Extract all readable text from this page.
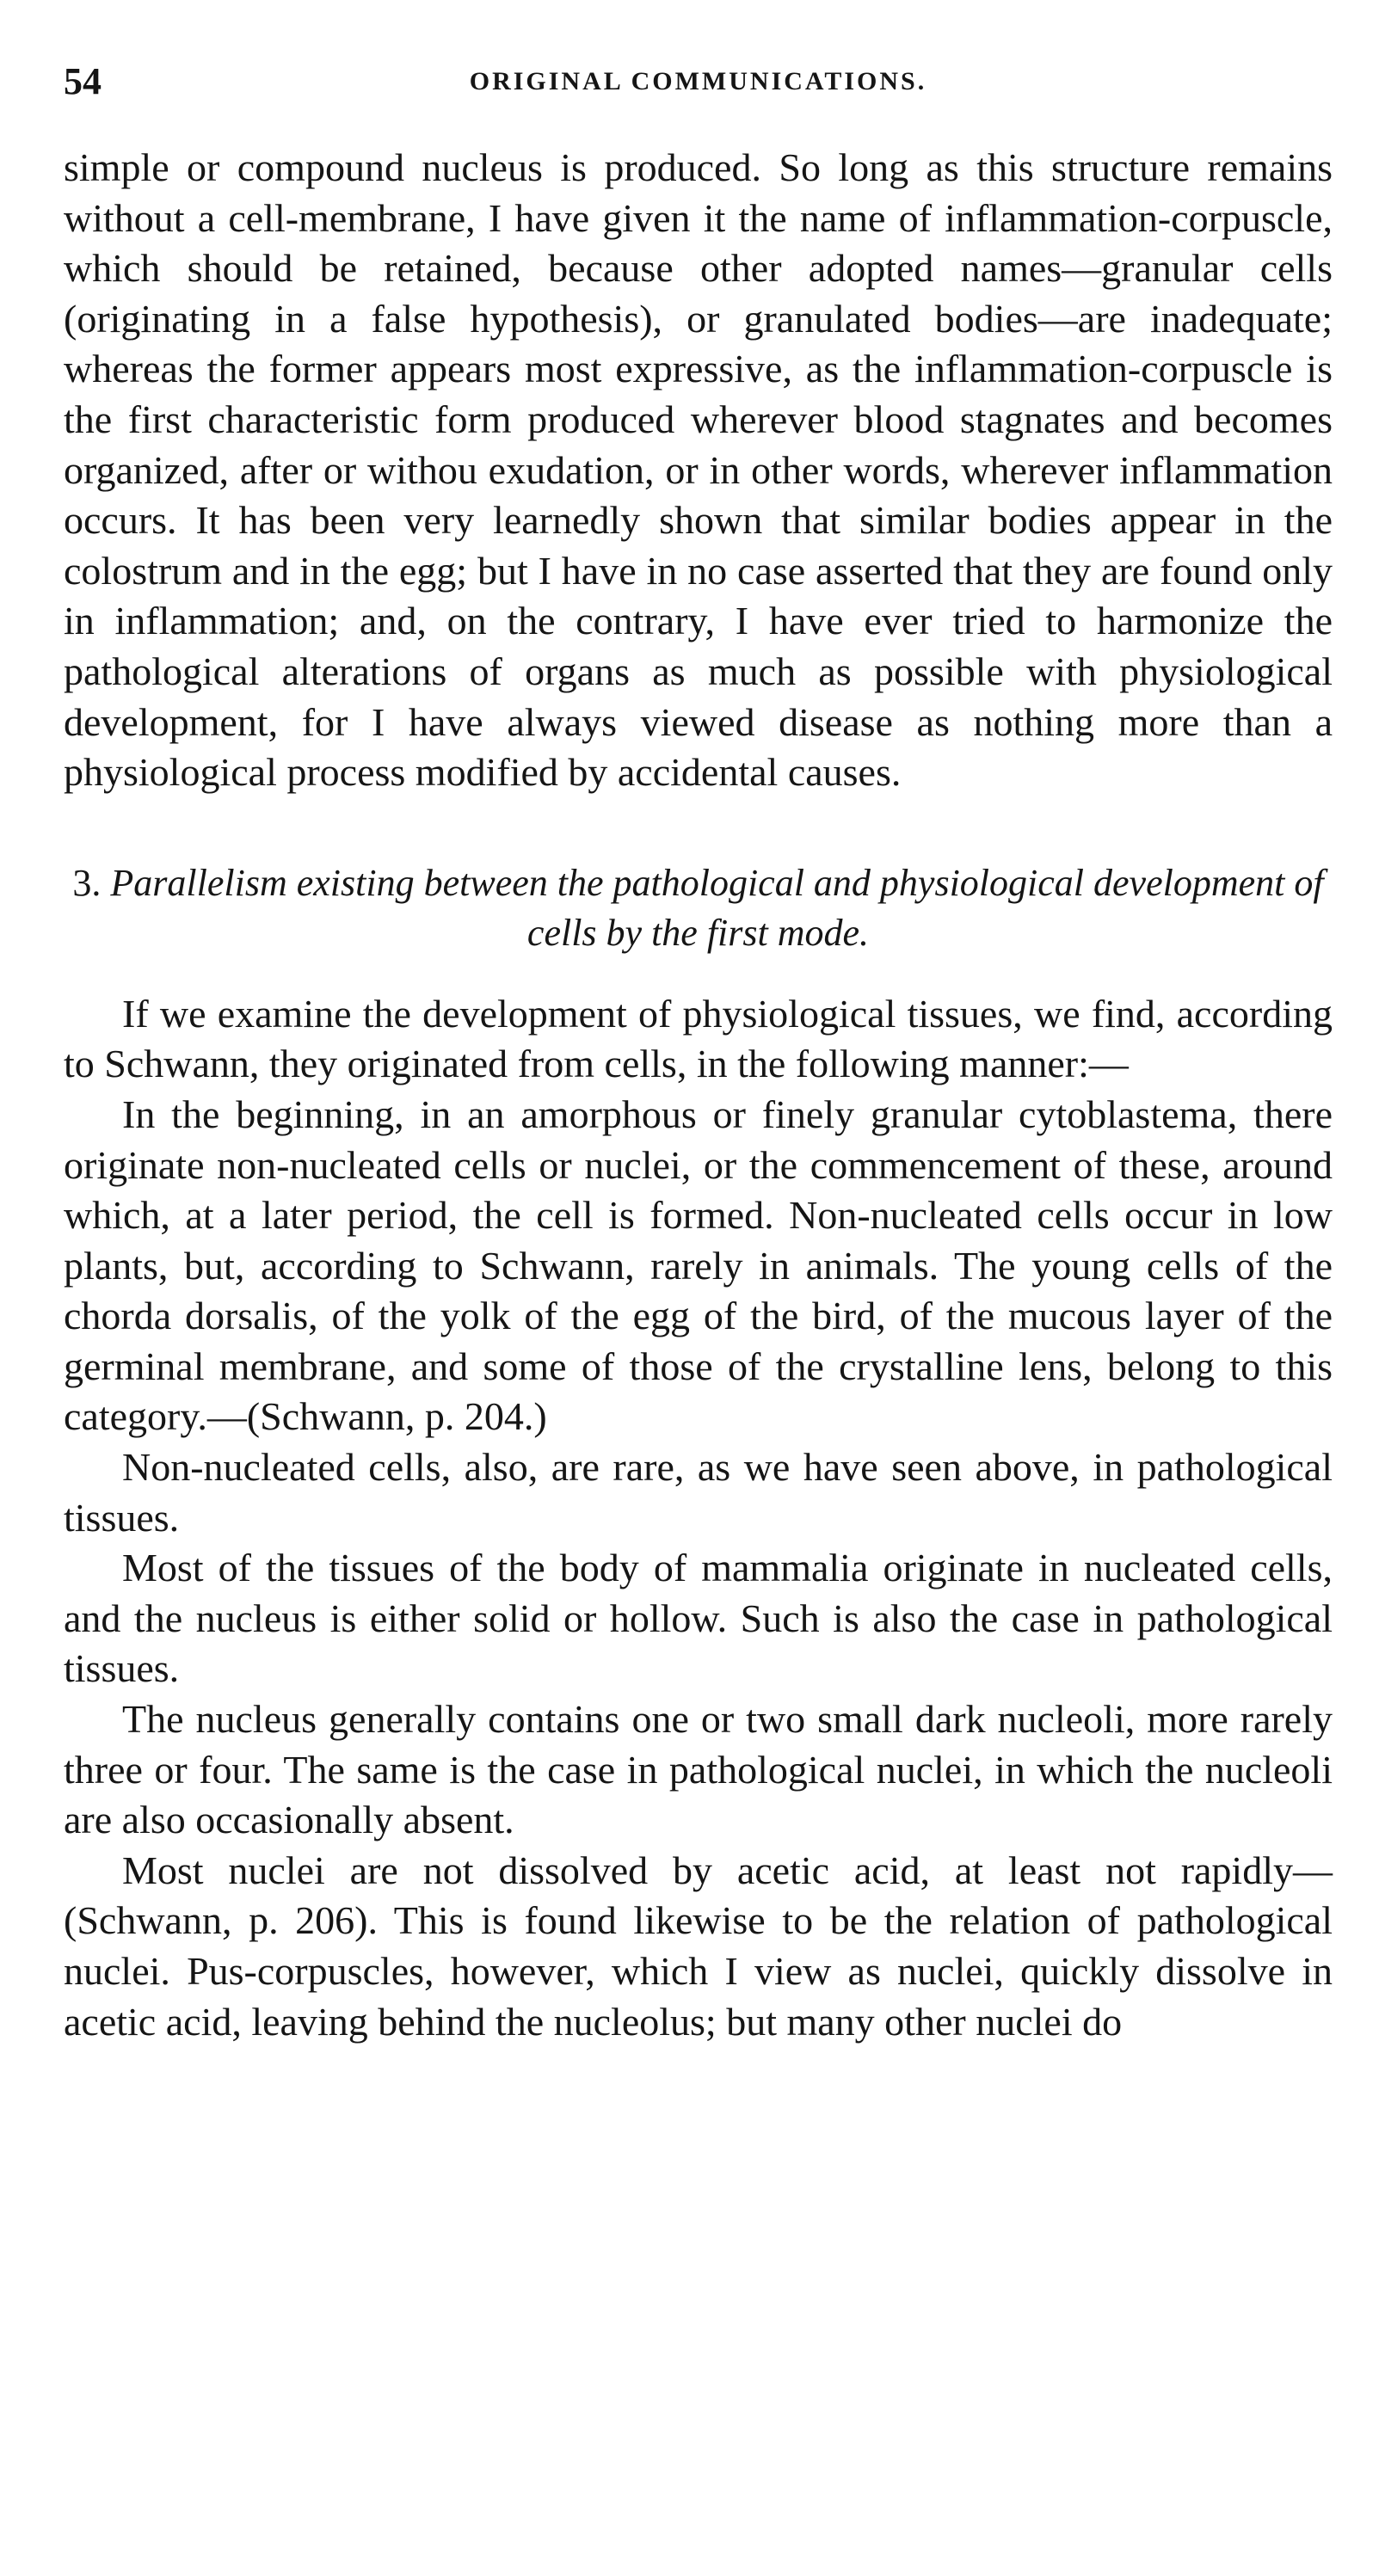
54	ORIGINAL COMMUNICATIONS.

simple or compound nucleus is produced. So long as this structure remains without a cell-membrane, I have given it the name of inflammation-corpuscle, which should be retained, because other adopted names—granular cells (originating in a false hypothesis), or granulated bodies—are inadequate; whereas the former appears most expressive, as the inflammation-corpuscle is the first characteristic form produced wherever blood stagnates and becomes organized, after or withou exudation, or in other words, wherever inflammation occurs. It has been very learnedly shown that similar bodies appear in the colostrum and in the egg; but I have in no case asserted that they are found only in inflammation; and, on the contrary, I have ever tried to harmonize the pathological alterations of organs as much as possible with physiological development, for I have always viewed disease as nothing more than a physiological process modified by accidental causes.

3. Parallelism existing between the pathological and physiological development of cells by the first mode.

If we examine the development of physiological tissues, we find, according to Schwann, they originated from cells, in the following manner:—

In the beginning, in an amorphous or finely granular cytoblastema, there originate non-nucleated cells or nuclei, or the commencement of these, around which, at a later period, the cell is formed. Non-nucleated cells occur in low plants, but, according to Schwann, rarely in animals. The young cells of the chorda dorsalis, of the yolk of the egg of the bird, of the mucous layer of the germinal membrane, and some of those of the crystalline lens, belong to this category.—(Schwann, p. 204.)

Non-nucleated cells, also, are rare, as we have seen above, in pathological tissues.

Most of the tissues of the body of mammalia originate in nucleated cells, and the nucleus is either solid or hollow. Such is also the case in pathological tissues.

The nucleus generally contains one or two small dark nucleoli, more rarely three or four. The same is the case in pathological nuclei, in which the nucleoli are also occasionally absent.

Most nuclei are not dissolved by acetic acid, at least not rapidly—(Schwann, p. 206). This is found likewise to be the relation of pathological nuclei. Pus-corpuscles, however, which I view as nuclei, quickly dissolve in acetic acid, leaving behind the nucleolus; but many other nuclei do
